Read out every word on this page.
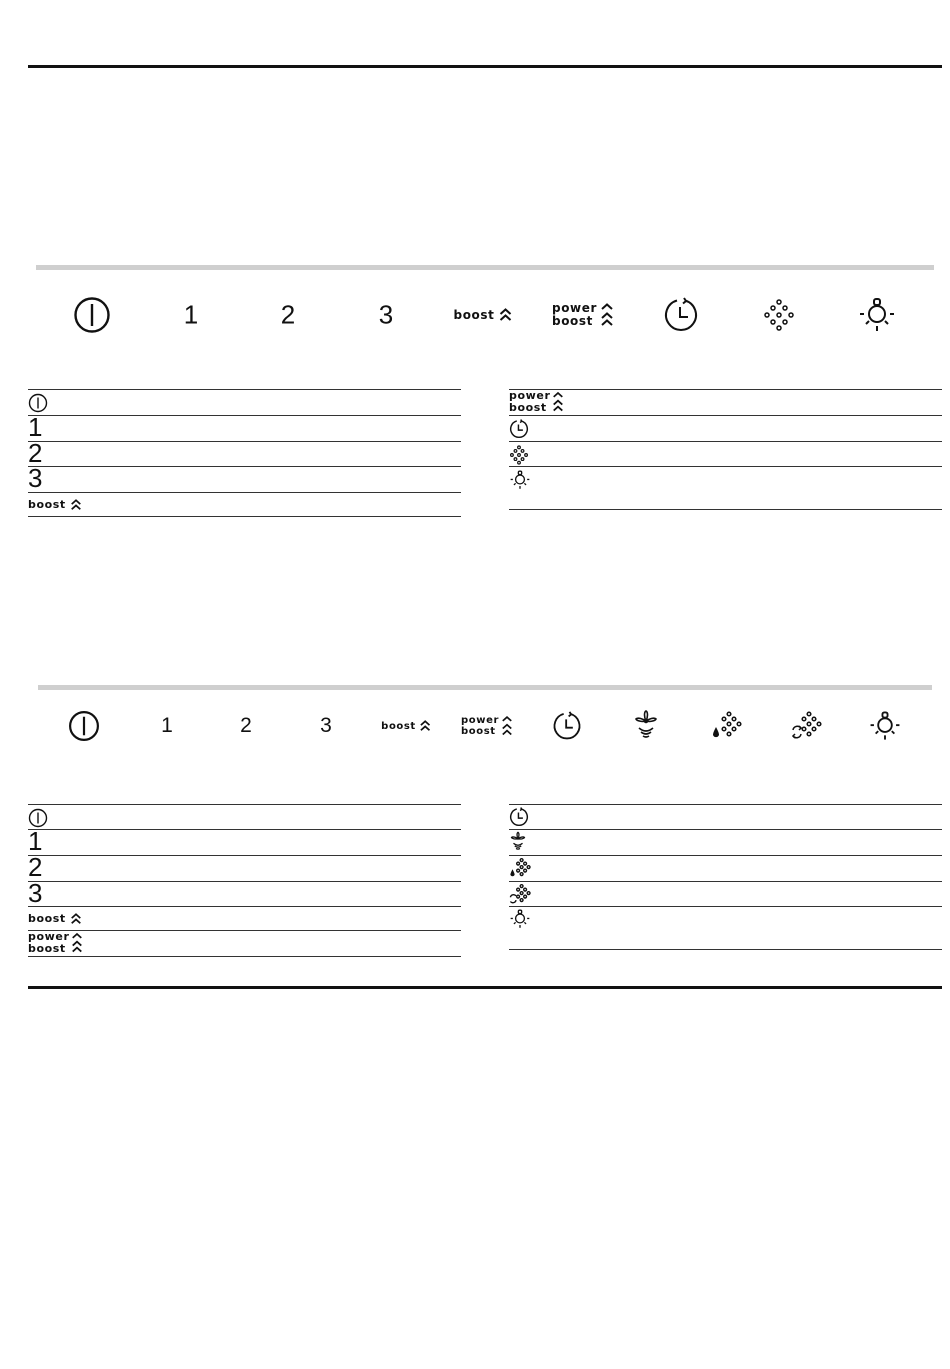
1	2	3	boost	power
boost
1
2
3
boost
power
boost
1	2	3	boost	power
boost
1
2
3
boost
power
boost
